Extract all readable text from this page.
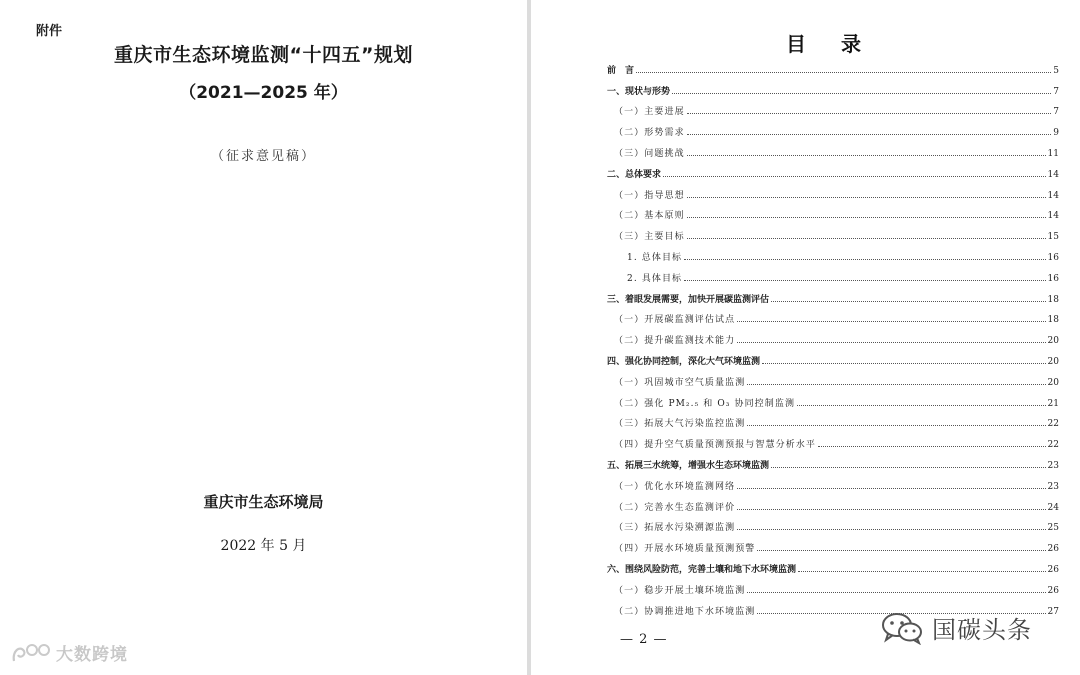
附件
重庆市生态环境监测“十四五”规划
（2021—2025 年）
（征求意见稿）
重庆市生态环境局
2022 年 5 月
大数跨境
目 录
前　言	5
一、现状与形势	7
（一）主要进展	7
（二）形势需求	9
（三）问题挑战	11
二、总体要求	14
（一）指导思想	14
（二）基本原则	14
（三）主要目标	15
1. 总体目标	16
2. 具体目标	16
三、着眼发展需要，加快开展碳监测评估	18
（一）开展碳监测评估试点	18
（二）提升碳监测技术能力	20
四、强化协同控制，深化大气环境监测	20
（一）巩固城市空气质量监测	20
（二）强化 PM₂.₅ 和 O₃ 协同控制监测	21
（三）拓展大气污染监控监测	22
（四）提升空气质量预测预报与智慧分析水平	22
五、拓展三水统筹，增强水生态环境监测	23
（一）优化水环境监测网络	23
（二）完善水生态监测评价	24
（三）拓展水污染溯源监测	25
（四）开展水环境质量预测预警	26
六、围绕风险防范，完善土壤和地下水环境监测	26
（一）稳步开展土壤环境监测	26
（二）协调推进地下水环境监测	27
— 2 —	国碳头条
